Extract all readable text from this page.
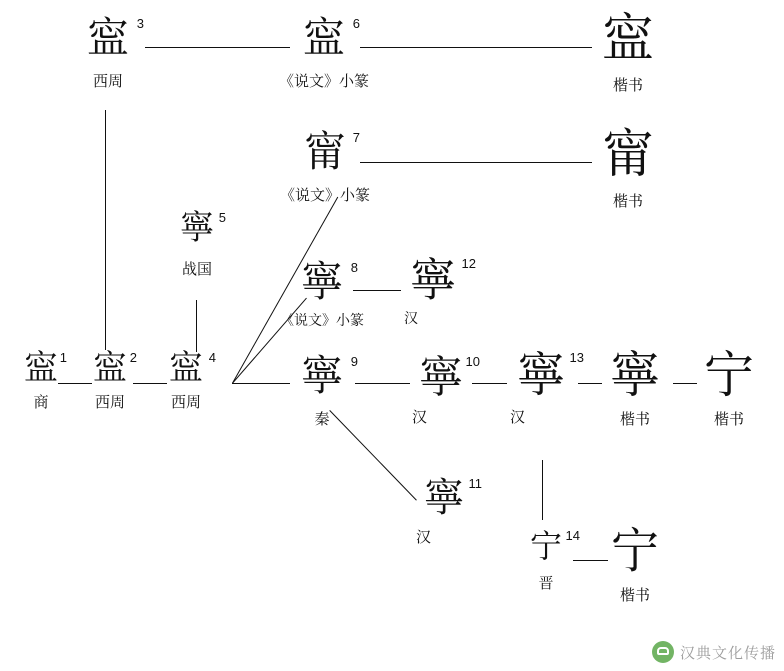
寍 1
商
寍 2
西周
寍 4
西周
寍 3
西周
寍 6
《说文》小篆
寍
楷书
甯 7
《说文》小篆
甯
楷书
寧 5
战国 寧 8
《说文》小篆
寧 12
汉
寧 9
秦
寧 10
汉
寧 13
汉
寧
楷书
宁
楷书
寧 11
汉	宁 14
晋
宁
楷书
汉典文化传播
